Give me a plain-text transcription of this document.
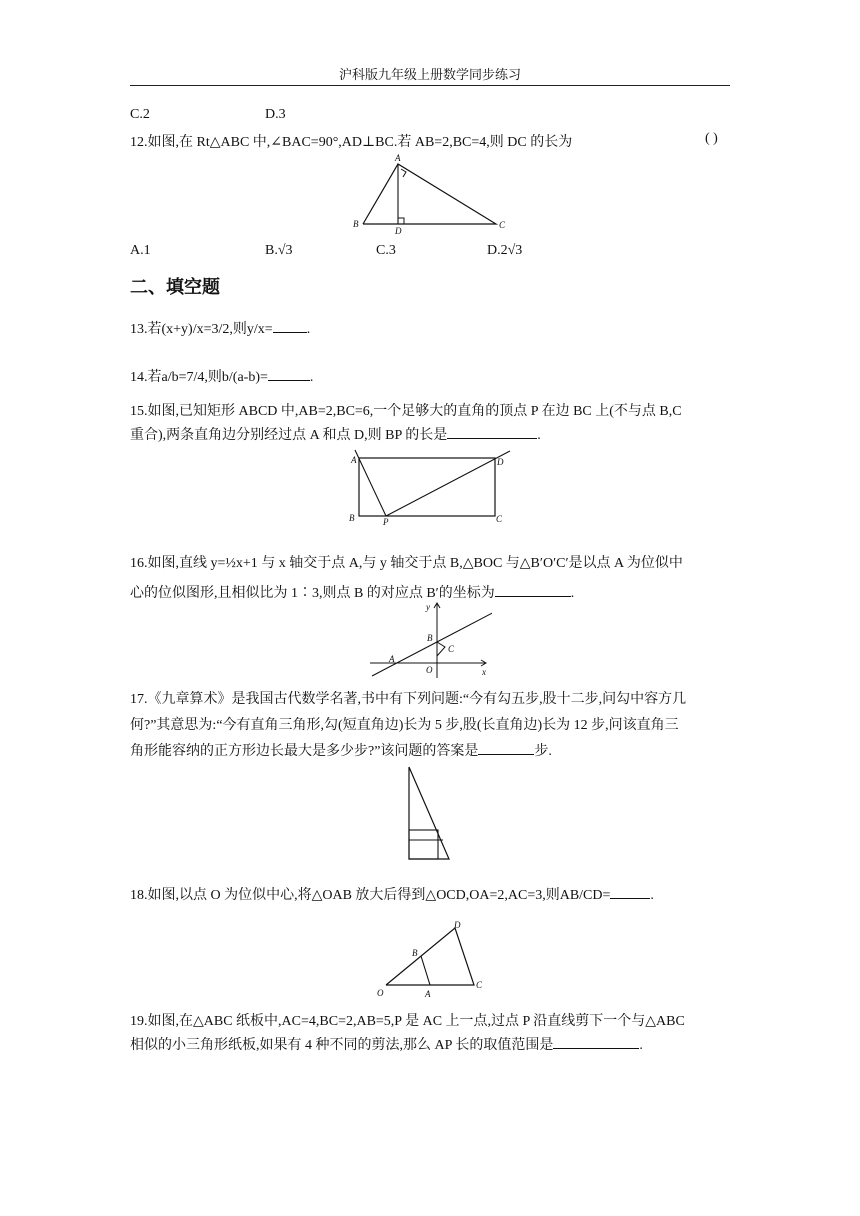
沪科版九年级上册数学同步练习
C.2	D.3
12.如图,在 Rt△ABC 中,∠BAC=90°,AD⊥BC.若 AB=2,BC=4,则 DC 的长为	( )
A
B	C
D
A.1	B.√3	C.3	D.2√3
二、填空题
13.若(x+y)/x=3/2,则y/x= .
14.若a/b=7/4,则b/(a-b)=	.
15.如图,已知矩形 ABCD 中,AB=2,BC=6,一个足够大的直角的顶点 P 在边 BC 上(不与点 B,C
重合),两条直角边分别经过点 A 和点 D,则 BP 的长是	.
A
B	C
D
P
16.如图,直线 y=½x+1 与 x 轴交于点 A,与 y 轴交于点 B,△BOC 与△B′O′C′是以点 A 为位似中
心的位似图形,且相似比为 1∶3,则点 B 的对应点 B′的坐标为	.
y
x
A
B
C
O
17.《九章算术》是我国古代数学名著,书中有下列问题:“今有勾五步,股十二步,问勾中容方几
何?”其意思为:“今有直角三角形,勾(短直角边)长为 5 步,股(长直角边)长为 12 步,问该直角三
角形能容纳的正方形边长最大是多少步?”该问题的答案是	步.
18.如图,以点 O 为位似中心,将△OAB 放大后得到△OCD,OA=2,AC=3,则AB/CD=	.
O	A
B
C
D
19.如图,在△ABC 纸板中,AC=4,BC=2,AB=5,P 是 AC 上一点,过点 P 沿直线剪下一个与△ABC
相似的小三角形纸板,如果有 4 种不同的剪法,那么 AP 长的取值范围是	.
